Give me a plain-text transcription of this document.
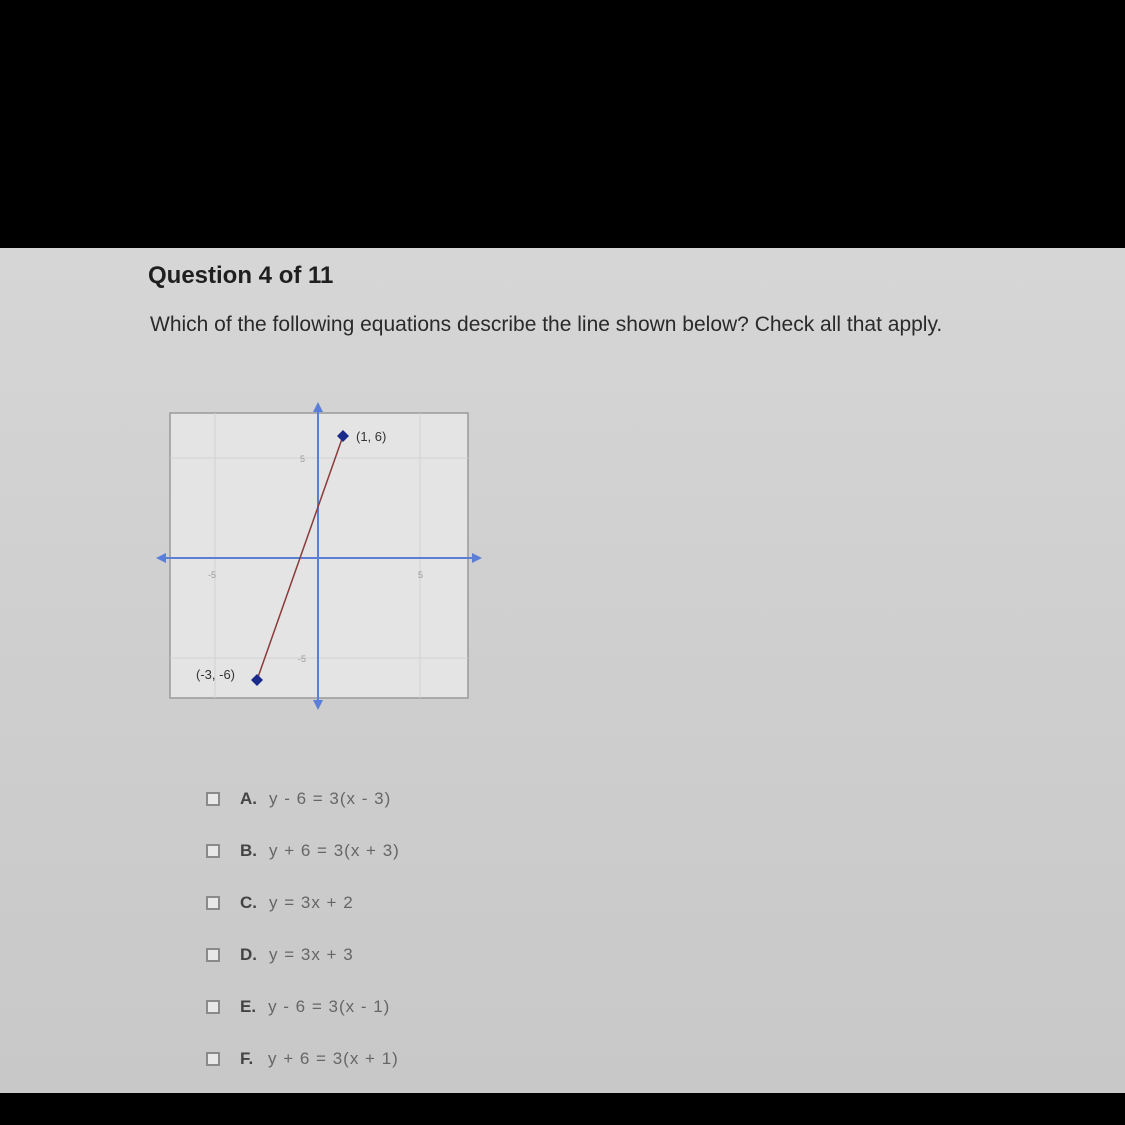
Question 4 of 11
Which of the following equations describe the line shown below? Check all that apply.
-5	5
5
-5
(1, 6)
(-3, -6)
A. y - 6 = 3(x - 3)
B. y + 6 = 3(x + 3)
C. y = 3x + 2
D. y = 3x + 3
E. y - 6 = 3(x - 1)
F. y + 6 = 3(x + 1)
